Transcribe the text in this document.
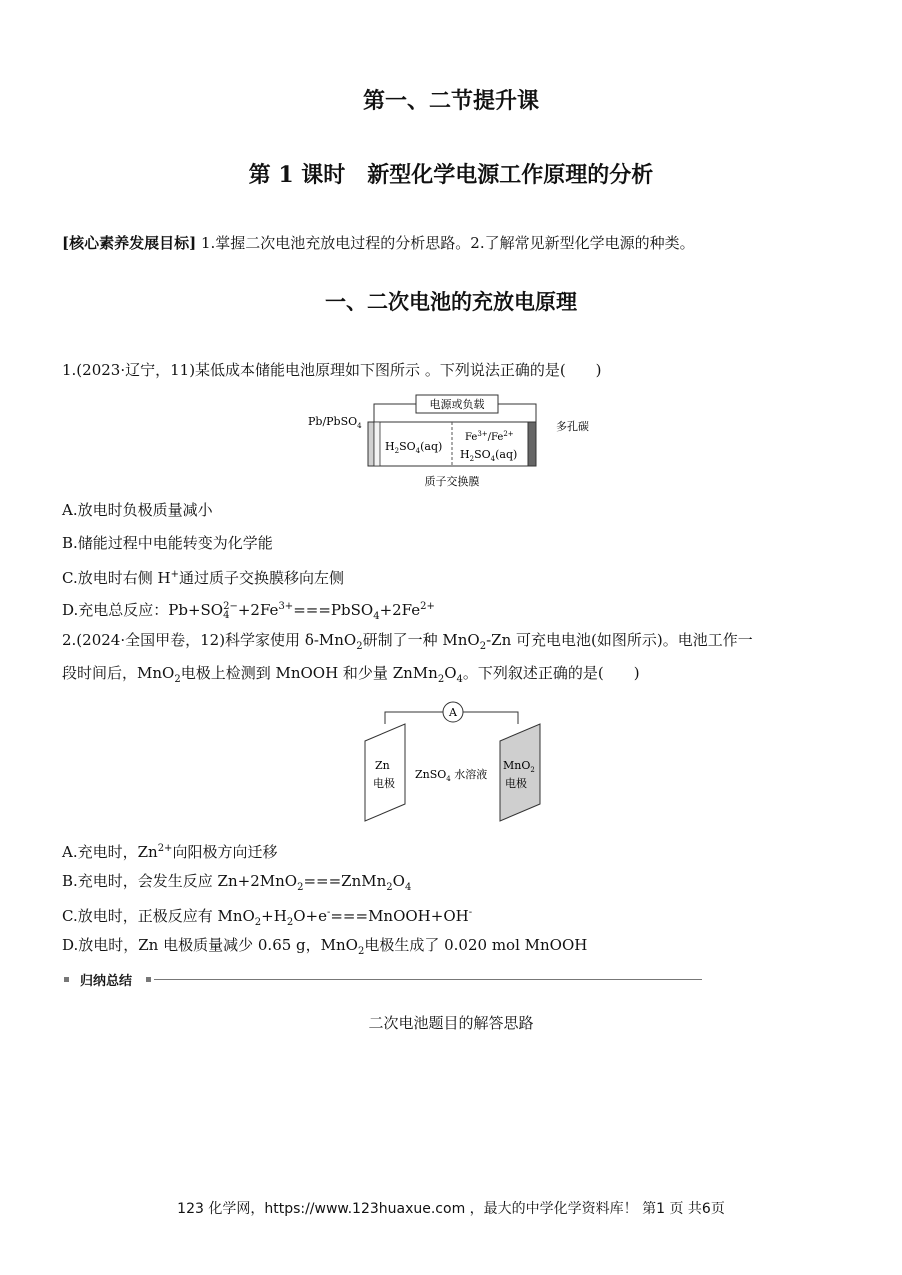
第一、二节提升课
第 1 课时　新型化学电源工作原理的分析
[核心素养发展目标] 1.掌握二次电池充放电过程的分析思路。2.了解常见新型化学电源的种类。
一、二次电池的充放电原理
1.(2023·辽宁，11)某低成本储能电池原理如下图所示 。下列说法正确的是(　　)
电源或负载
Pb/PbSO$_4$	多孔碳
$H_2SO_4(aq)$
$Fe^{3+}/Fe^{2+}$
$H_2SO_4(aq)$
质子交换膜
A.放电时负极质量减小
B.储能过程中电能转变为化学能
C.放电时右侧 H+通过质子交换膜移向左侧
D.充电总反应：Pb+SO 2−
$4 +2Fe^{3+}===PbSO_4+2Fe^{2+}$
2.(2024·全国甲卷，12)科学家使用 δ-MnO$_2$研制了一种 MnO$_2$-Zn 可充电电池(如图所示)。电池工作一
段时间后，MnO$_2$电极上检测到 MnOOH 和少量 $ZnMn_2O_4$。下列叙述正确的是(　　)
A
Zn
电极
MnO$_2$
电极
ZnSO$_4$ 水溶液
A.充电时，$Zn^{2+}$向阳极方向迁移
B.充电时，会发生反应 $Zn+2MnO_2===ZnMn_2O_4$
C.放电时，正极反应有 $MnO_2+H_2O+e^-===MnOOH+OH^-$
D.放电时，Zn 电极质量减少 0.65 g，MnO$_2$电极生成了 0.020 mol MnOOH
归纳总结
二次电池题目的解答思路
123 化学网，https://www.123huaxue.com ，最大的中学化学资料库！ 第1 页 共6页
